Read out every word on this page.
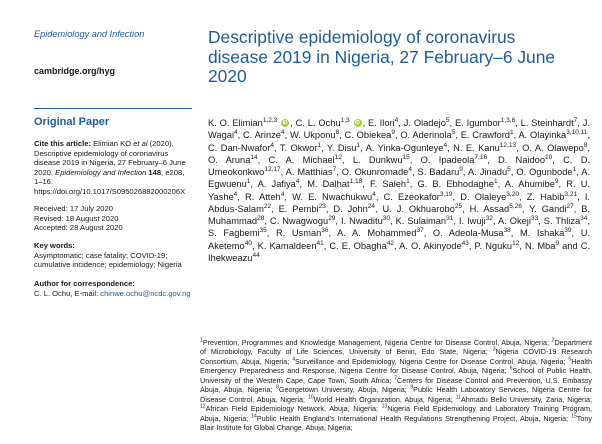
Epidemiology and Infection
cambridge.org/hyg
Original Paper
Cite this article: Elimian KO et al (2020). Descriptive epidemiology of coronavirus disease 2019 in Nigeria, 27 February–6 June 2020. Epidemiology and Infection 148, e208, 1–16. https://doi.org/10.1017/S095026882000206X
Received: 17 July 2020
Revised: 18 August 2020
Accepted: 28 August 2020
Key words:
Asymptomatic; case fatality; COVID-19; cumulative incidence; epidemiology; Nigeria
Author for correspondence:
C. L. Ochu, E-mail: chinwe.ochu@ncdc.gov.ng
Descriptive epidemiology of coronavirus disease 2019 in Nigeria, 27 February–6 June 2020
K. O. Elimian$^{1,2,3}$ iD , C. L. Ochu$^{1,3}$ iD , E. Ilori$^4$, J. Oladejo$^5$, E. Igumbor$^{1,3,6}$, L. Steinhardt$^7$, J. Wagai$^4$, C. Arinze$^4$, W. Ukponu$^8$, C. Obiekea$^9$, O. Aderinola$^5$, E. Crawford$^1$, A. Olayinka$^{3,10,11}$, C. Dan-Nwafor$^4$, T. Okwor$^1$, Y. Disu$^1$, A. Yinka-Ogunleye$^4$, N. E. Kanu$^{12,13}$, O. A. Olawepo$^8$, O. Aruna$^{14}$, C. A. Michael$^{12}$, L. Dunkwu$^{15}$, O. Ipadeola$^{7,16}$, D. Naidoo$^{10}$, C. D. Umeokonkwo$^{12,17}$, A. Matthias$^7$, O. Okunromade$^4$, S. Badaru$^9$, A. Jinadu$^5$, O. Ogunbode$^1$, A. Egwuenu$^1$, A. Jafiya$^4$, M. Dalhat$^{1,18}$, F. Saleh$^1$, G. B. Ebhodaghe$^1$, A. Ahumibe$^9$, R. U. Yashe$^4$, R. Atteh$^4$, W. E. Nwachukwu$^4$, C. Ezeokafor$^{3,19}$, D. Olaleye$^{3,20}$, Z. Habib$^{3,21}$, I. Abdus-Salam$^{22}$, E. Pembi$^{23}$, D. John$^{24}$, U. J. Okhuarobo$^{25}$, H. Assad$^{5,26}$, Y. Gandi$^{27}$, B. Muhammad$^{28}$, C. Nwagwogu$^{29}$, I. Nwaditu$^{30}$, K. Sulaiman$^{31}$, I. Iwuji$^{32}$, A. Okeji$^{33}$, S. Thliza$^{34}$, S. Fagbemi$^{35}$, R. Usman$^{36}$, A. A. Mohammed$^{37}$, O. Adeola-Musa$^{38}$, M. Ishaka$^{39}$, U. Aketemo$^{40}$, K. Kamaldeen$^{41}$, C. E. Obagha$^{42}$, A. O. Akinyode$^{43}$, P. Nguku$^{12}$, N. Mba$^9$ and C. Ihekweazu$^{44}$
$^1$Prevention, Programmes and Knowledge Management, Nigeria Centre for Disease Control, Abuja, Nigeria; $^2$Department of Microbiology, Faculty of Life Sciences, University of Benin, Edo State, Nigeria; $^3$Nigeria COVID-19 Research Consortium, Abuja, Nigeria; $^4$Surveillance and Epidemiology, Nigeria Centre for Disease Control, Abuja, Nigeria; $^5$Health Emergency Preparedness and Response, Nigeria Centre for Disease Control, Abuja, Nigeria; $^6$School of Public Health, University of the Western Cape, Cape Town, South Africa; $^7$Centers for Disease Control and Prevention, U.S. Embassy Abuja, Abuja, Nigeria; $^8$Georgetown University, Abuja, Nigeria; $^9$Public Health Laboratory Services, Nigeria Centre for Disease Control, Abuja, Nigeria; $^{10}$World Health Organization, Abuja, Nigeria; $^{11}$Ahmadu Bello University, Zaria, Nigeria; $^{12}$African Field Epidemiology Network, Abuja, Nigeria; $^{13}$Nigeria Field Epidemiology and Laboratory Training Program, Abuja, Nigeria; $^{14}$Public Health England's International Health Regulations Strengthening Project, Abuja, Nigeria; $^{15}$Tony Blair Institute for Global Change, Abuja, Nigeria;
